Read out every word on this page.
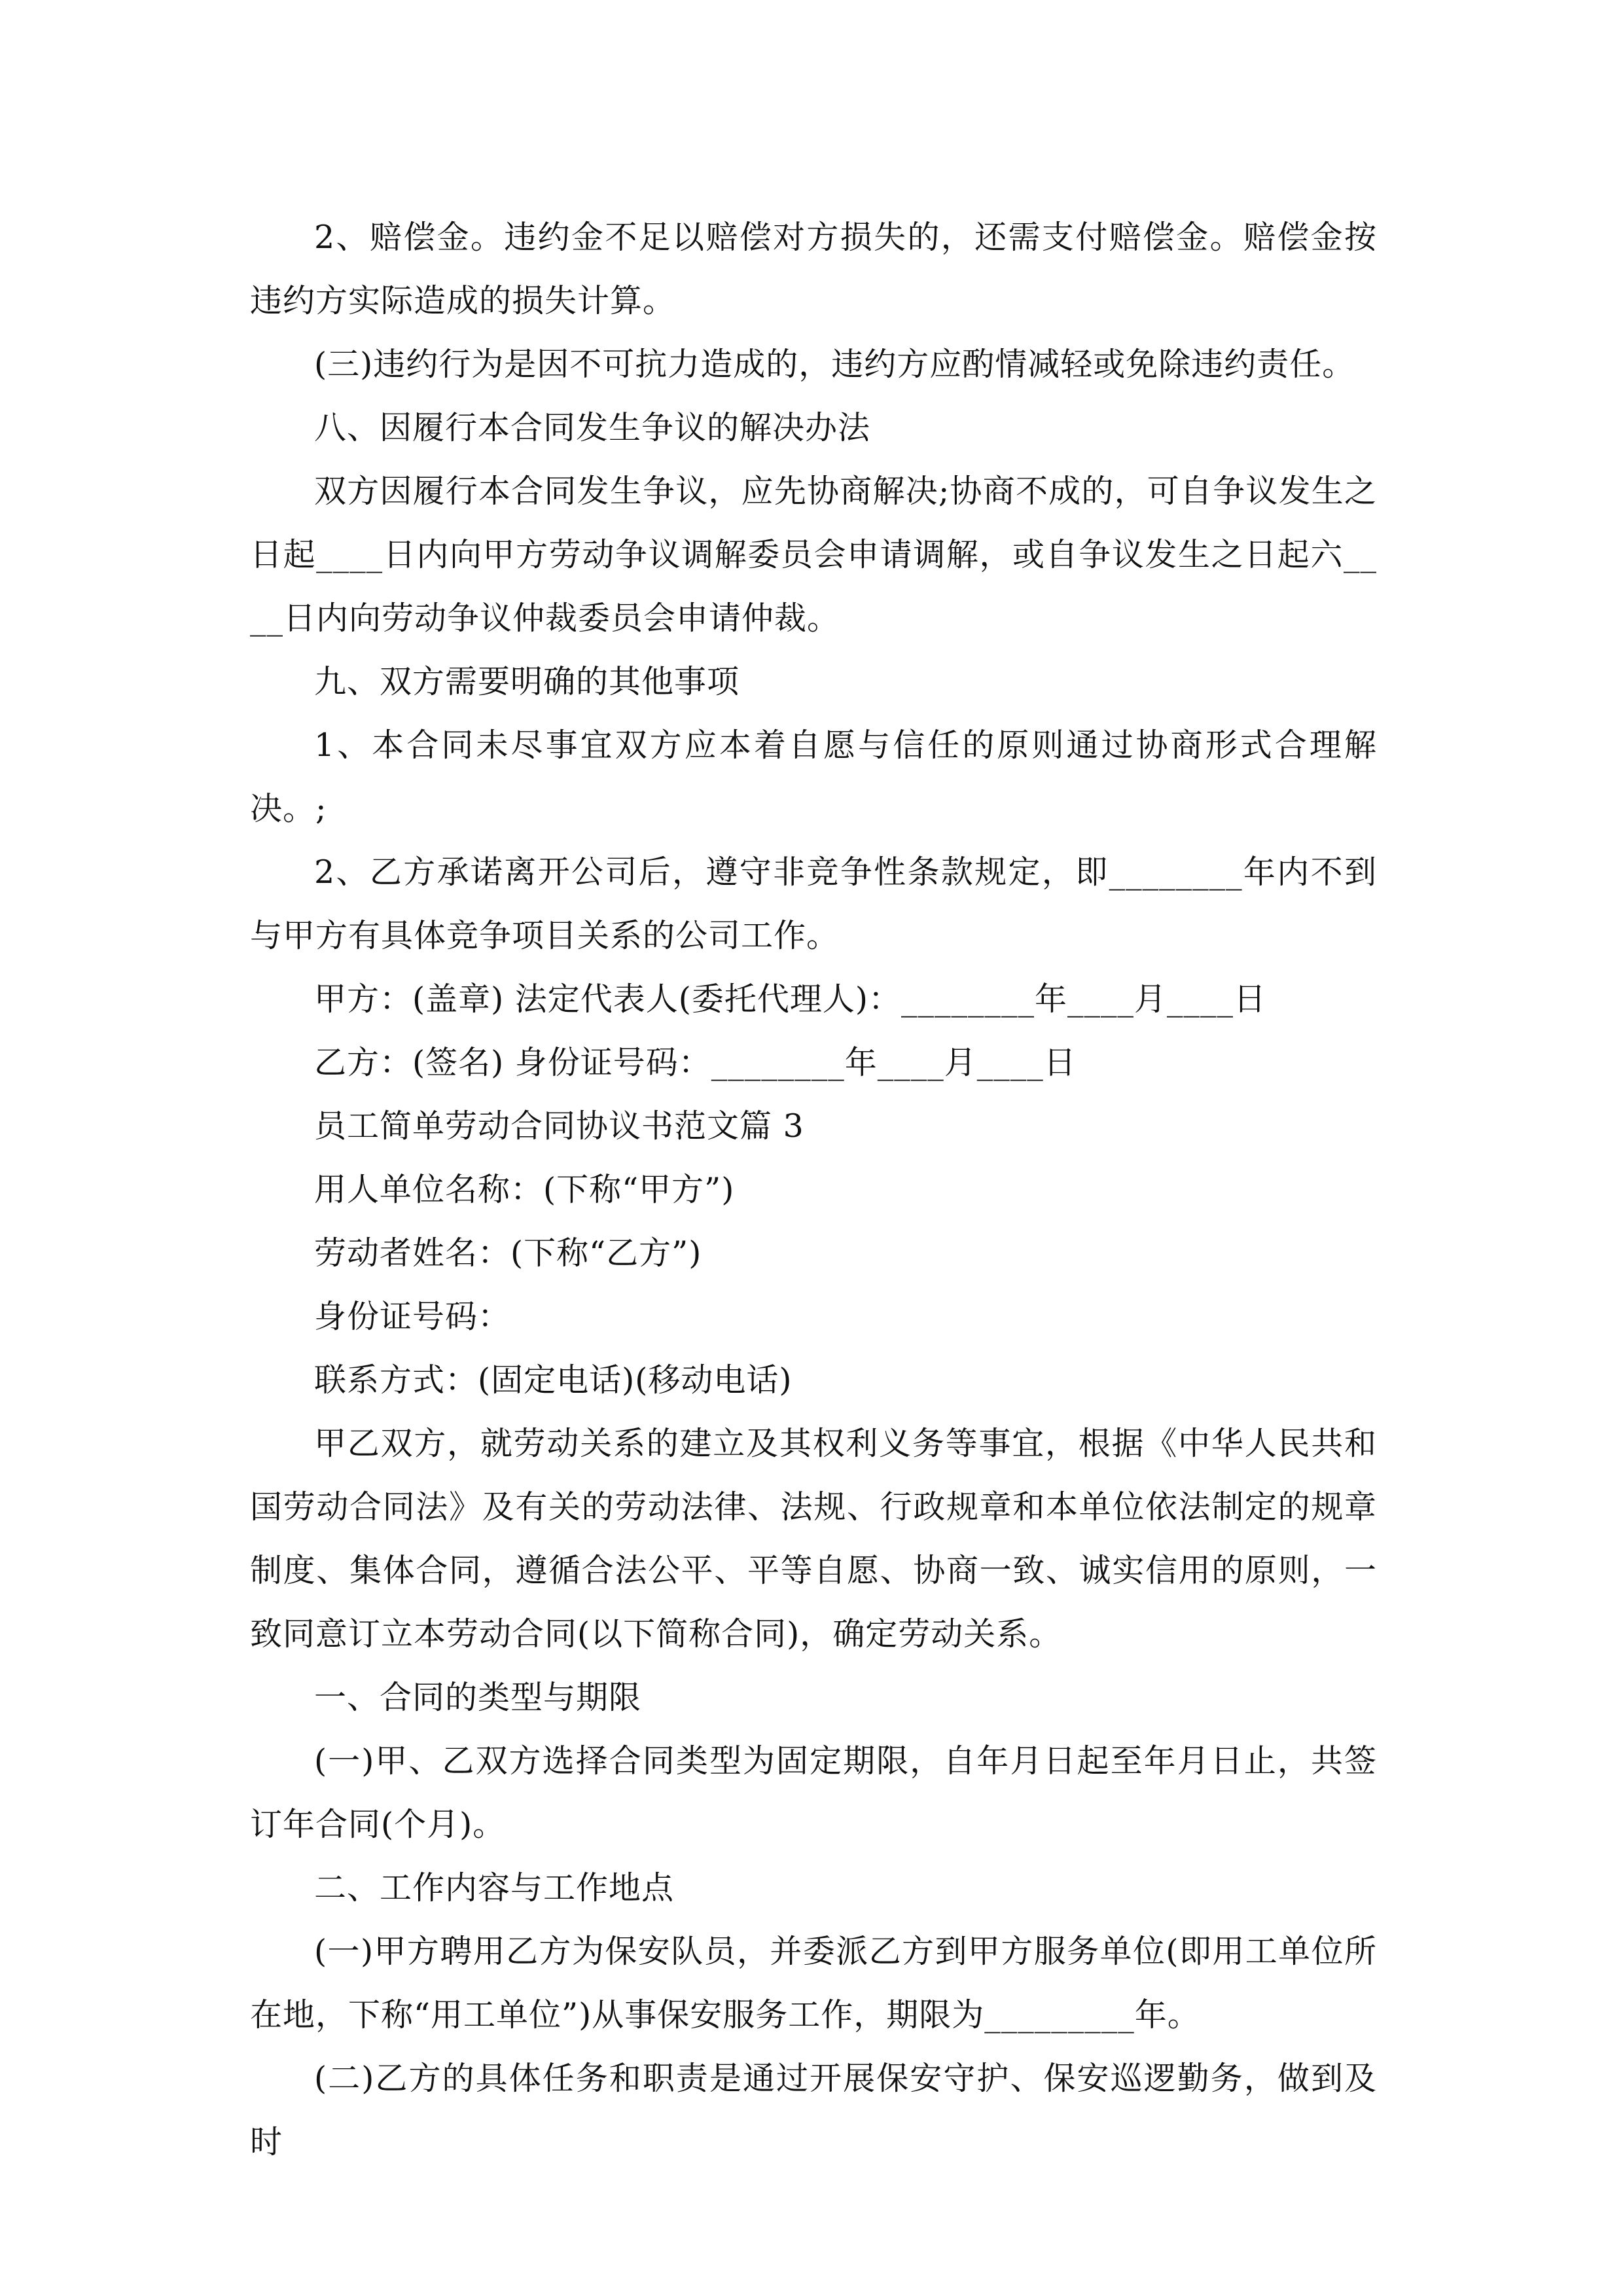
2、赔偿金。违约金不足以赔偿对方损失的，还需支付赔偿金。赔偿金按违约方实际造成的损失计算。

(三)违约行为是因不可抗力造成的，违约方应酌情减轻或免除违约责任。

八、因履行本合同发生争议的解决办法

双方因履行本合同发生争议，应先协商解决;协商不成的，可自争议发生之日起____日内向甲方劳动争议调解委员会申请调解，或自争议发生之日起六____日内向劳动争议仲裁委员会申请仲裁。

九、双方需要明确的其他事项

1、本合同未尽事宜双方应本着自愿与信任的原则通过协商形式合理解决。;

2、乙方承诺离开公司后，遵守非竞争性条款规定，即________年内不到与甲方有具体竞争项目关系的公司工作。

甲方：(盖章) 法定代表人(委托代理人)：________年____月____日

乙方：(签名) 身份证号码：________年____月____日

员工简单劳动合同协议书范文篇 3

用人单位名称：(下称“甲方”)

劳动者姓名：(下称“乙方”)

身份证号码：

联系方式：(固定电话)(移动电话)

甲乙双方，就劳动关系的建立及其权利义务等事宜，根据《中华人民共和国劳动合同法》及有关的劳动法律、法规、行政规章和本单位依法制定的规章制度、集体合同，遵循合法公平、平等自愿、协商一致、诚实信用的原则，一致同意订立本劳动合同(以下简称合同)，确定劳动关系。

一、合同的类型与期限

(一)甲、乙双方选择合同类型为固定期限，自年月日起至年月日止，共签订年合同(个月)。

二、工作内容与工作地点

(一)甲方聘用乙方为保安队员，并委派乙方到甲方服务单位(即用工单位所在地，下称“用工单位”)从事保安服务工作，期限为_________年。

(二)乙方的具体任务和职责是通过开展保安守护、保安巡逻勤务，做到及时
